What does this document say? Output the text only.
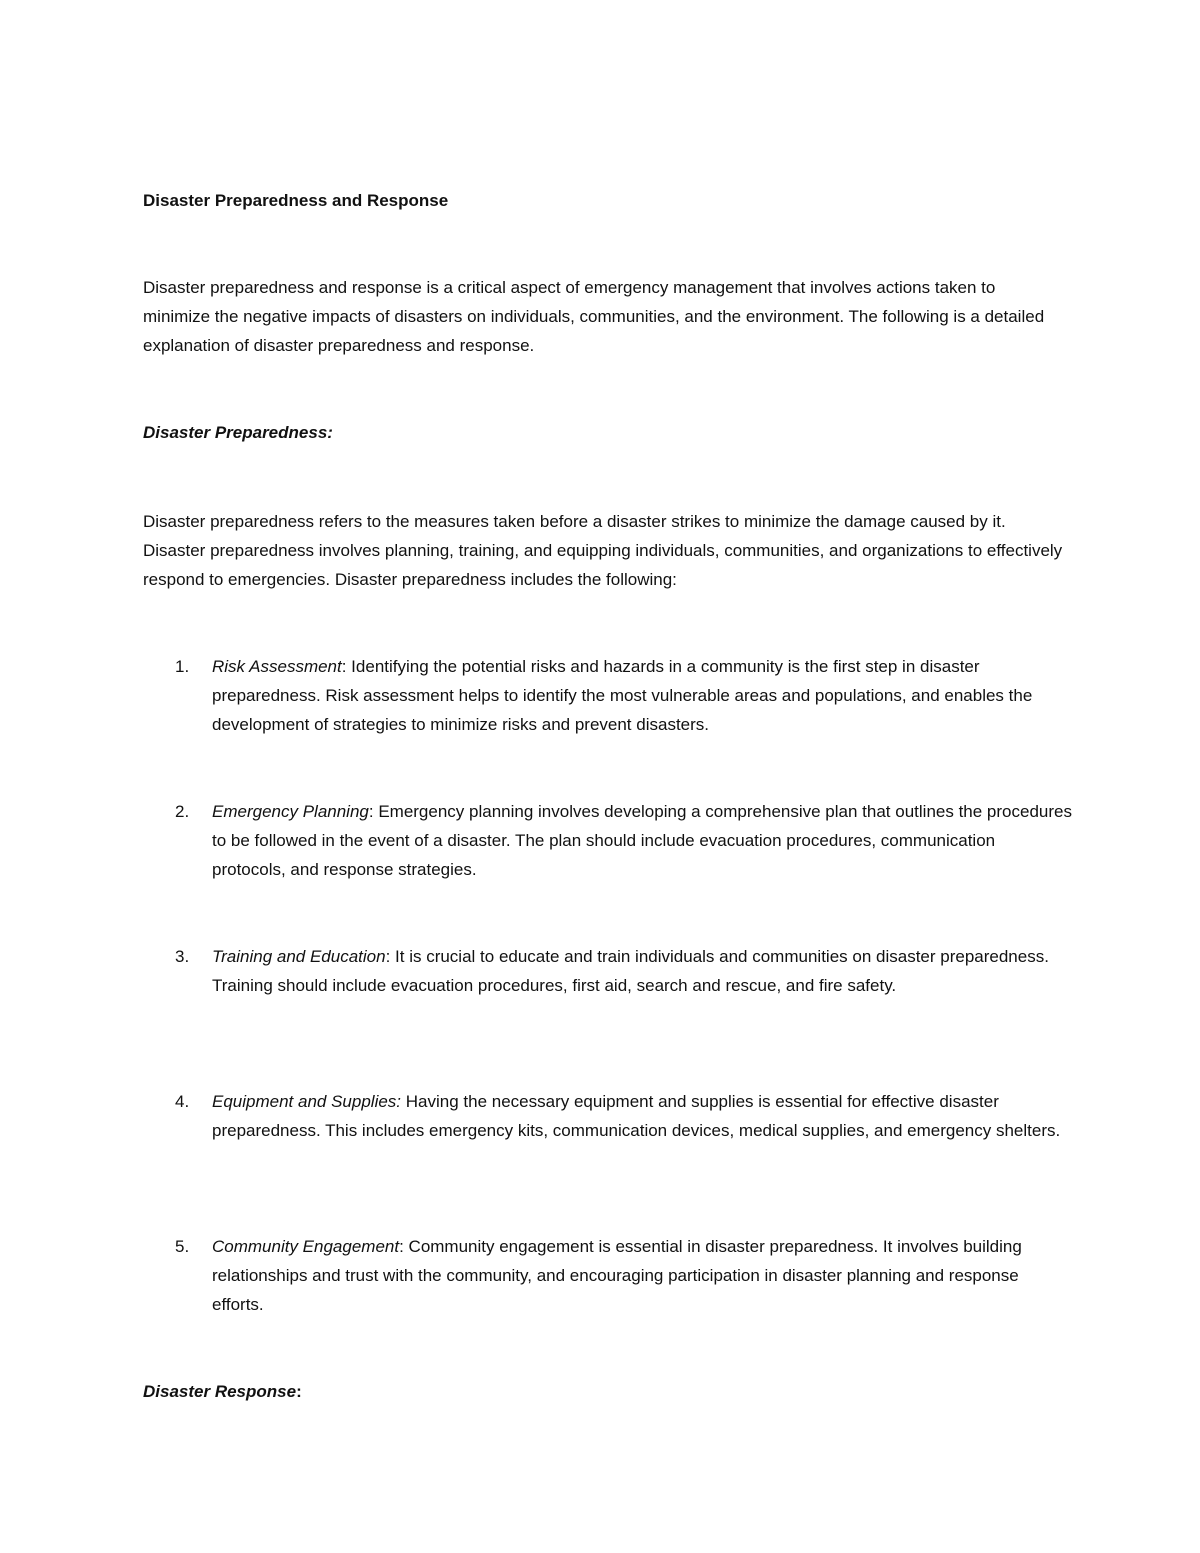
Disaster Preparedness and Response

Disaster preparedness and response is a critical aspect of emergency management that involves actions taken to minimize the negative impacts of disasters on individuals, communities, and the environment. The following is a detailed explanation of disaster preparedness and response.

Disaster Preparedness:

Disaster preparedness refers to the measures taken before a disaster strikes to minimize the damage caused by it. Disaster preparedness involves planning, training, and equipping individuals, communities, and organizations to effectively respond to emergencies. Disaster preparedness includes the following:

1.	Risk Assessment: Identifying the potential risks and hazards in a community is the first step in disaster preparedness. Risk assessment helps to identify the most vulnerable areas and populations, and enables the development of strategies to minimize risks and prevent disasters.
2.	Emergency Planning: Emergency planning involves developing a comprehensive plan that outlines the procedures to be followed in the event of a disaster. The plan should include evacuation procedures, communication protocols, and response strategies.
3.	Training and Education: It is crucial to educate and train individuals and communities on disaster preparedness. Training should include evacuation procedures, first aid, search and rescue, and fire safety.
4.	Equipment and Supplies: Having the necessary equipment and supplies is essential for effective disaster preparedness. This includes emergency kits, communication devices, medical supplies, and emergency shelters.
5.	Community Engagement: Community engagement is essential in disaster preparedness. It involves building relationships and trust with the community, and encouraging participation in disaster planning and response efforts.
Disaster Response:
